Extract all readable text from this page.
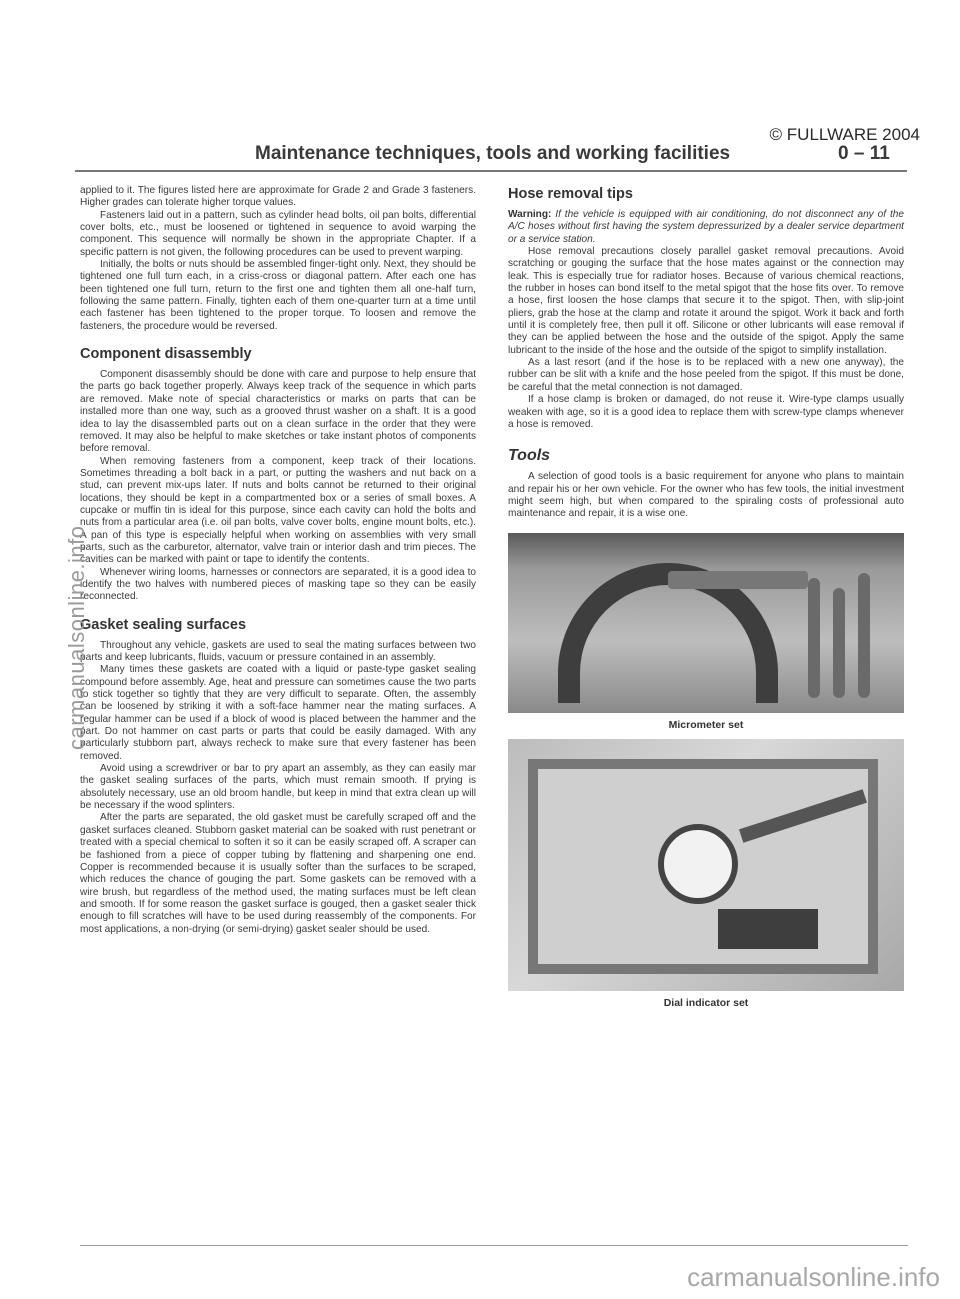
© FULLWARE 2004
Maintenance techniques, tools and working facilities	0 – 11

applied to it. The figures listed here are approximate for Grade 2 and Grade 3 fasteners. Higher grades can tolerate higher torque values.

Fasteners laid out in a pattern, such as cylinder head bolts, oil pan bolts, differential cover bolts, etc., must be loosened or tightened in sequence to avoid warping the component. This sequence will normally be shown in the appropriate Chapter. If a specific pattern is not given, the following procedures can be used to prevent warping.

Initially, the bolts or nuts should be assembled finger-tight only. Next, they should be tightened one full turn each, in a criss-cross or diagonal pattern. After each one has been tightened one full turn, return to the first one and tighten them all one-half turn, following the same pattern. Finally, tighten each of them one-quarter turn at a time until each fastener has been tightened to the proper torque. To loosen and remove the fasteners, the procedure would be reversed.

Component disassembly

Component disassembly should be done with care and purpose to help ensure that the parts go back together properly. Always keep track of the sequence in which parts are removed. Make note of special characteristics or marks on parts that can be installed more than one way, such as a grooved thrust washer on a shaft. It is a good idea to lay the disassembled parts out on a clean surface in the order that they were removed. It may also be helpful to make sketches or take instant photos of components before removal.

When removing fasteners from a component, keep track of their locations. Sometimes threading a bolt back in a part, or putting the washers and nut back on a stud, can prevent mix-ups later. If nuts and bolts cannot be returned to their original locations, they should be kept in a compartmented box or a series of small boxes. A cupcake or muffin tin is ideal for this purpose, since each cavity can hold the bolts and nuts from a particular area (i.e. oil pan bolts, valve cover bolts, engine mount bolts, etc.). A pan of this type is especially helpful when working on assemblies with very small parts, such as the carburetor, alternator, valve train or interior dash and trim pieces. The cavities can be marked with paint or tape to identify the contents.

Whenever wiring looms, harnesses or connectors are separated, it is a good idea to identify the two halves with numbered pieces of masking tape so they can be easily reconnected.

Gasket sealing surfaces

Throughout any vehicle, gaskets are used to seal the mating surfaces between two parts and keep lubricants, fluids, vacuum or pressure contained in an assembly.

Many times these gaskets are coated with a liquid or paste-type gasket sealing compound before assembly. Age, heat and pressure can sometimes cause the two parts to stick together so tightly that they are very difficult to separate. Often, the assembly can be loosened by striking it with a soft-face hammer near the mating surfaces. A regular hammer can be used if a block of wood is placed between the hammer and the part. Do not hammer on cast parts or parts that could be easily damaged. With any particularly stubborn part, always recheck to make sure that every fastener has been removed.

Avoid using a screwdriver or bar to pry apart an assembly, as they can easily mar the gasket sealing surfaces of the parts, which must remain smooth. If prying is absolutely necessary, use an old broom handle, but keep in mind that extra clean up will be necessary if the wood splinters.

After the parts are separated, the old gasket must be carefully scraped off and the gasket surfaces cleaned. Stubborn gasket material can be soaked with rust penetrant or treated with a special chemical to soften it so it can be easily scraped off. A scraper can be fashioned from a piece of copper tubing by flattening and sharpening one end. Copper is recommended because it is usually softer than the surfaces to be scraped, which reduces the chance of gouging the part. Some gaskets can be removed with a wire brush, but regardless of the method used, the mating surfaces must be left clean and smooth. If for some reason the gasket surface is gouged, then a gasket sealer thick enough to fill scratches will have to be used during reassembly of the components. For most applications, a non-drying (or semi-drying) gasket sealer should be used.

Hose removal tips

Warning: If the vehicle is equipped with air conditioning, do not disconnect any of the A/C hoses without first having the system depressurized by a dealer service department or a service station.

Hose removal precautions closely parallel gasket removal precautions. Avoid scratching or gouging the surface that the hose mates against or the connection may leak. This is especially true for radiator hoses. Because of various chemical reactions, the rubber in hoses can bond itself to the metal spigot that the hose fits over. To remove a hose, first loosen the hose clamps that secure it to the spigot. Then, with slip-joint pliers, grab the hose at the clamp and rotate it around the spigot. Work it back and forth until it is completely free, then pull it off. Silicone or other lubricants will ease removal if they can be applied between the hose and the outside of the spigot. Apply the same lubricant to the inside of the hose and the outside of the spigot to simplify installation.

As a last resort (and if the hose is to be replaced with a new one anyway), the rubber can be slit with a knife and the hose peeled from the spigot. If this must be done, be careful that the metal connection is not damaged.

If a hose clamp is broken or damaged, do not reuse it. Wire-type clamps usually weaken with age, so it is a good idea to replace them with screw-type clamps whenever a hose is removed.

Tools

A selection of good tools is a basic requirement for anyone who plans to maintain and repair his or her own vehicle. For the owner who has few tools, the initial investment might seem high, but when compared to the spiraling costs of professional auto maintenance and repair, it is a wise one.

Micrometer set
Dial indicator set
carmanualsonline.info
carmanualsonline.info
